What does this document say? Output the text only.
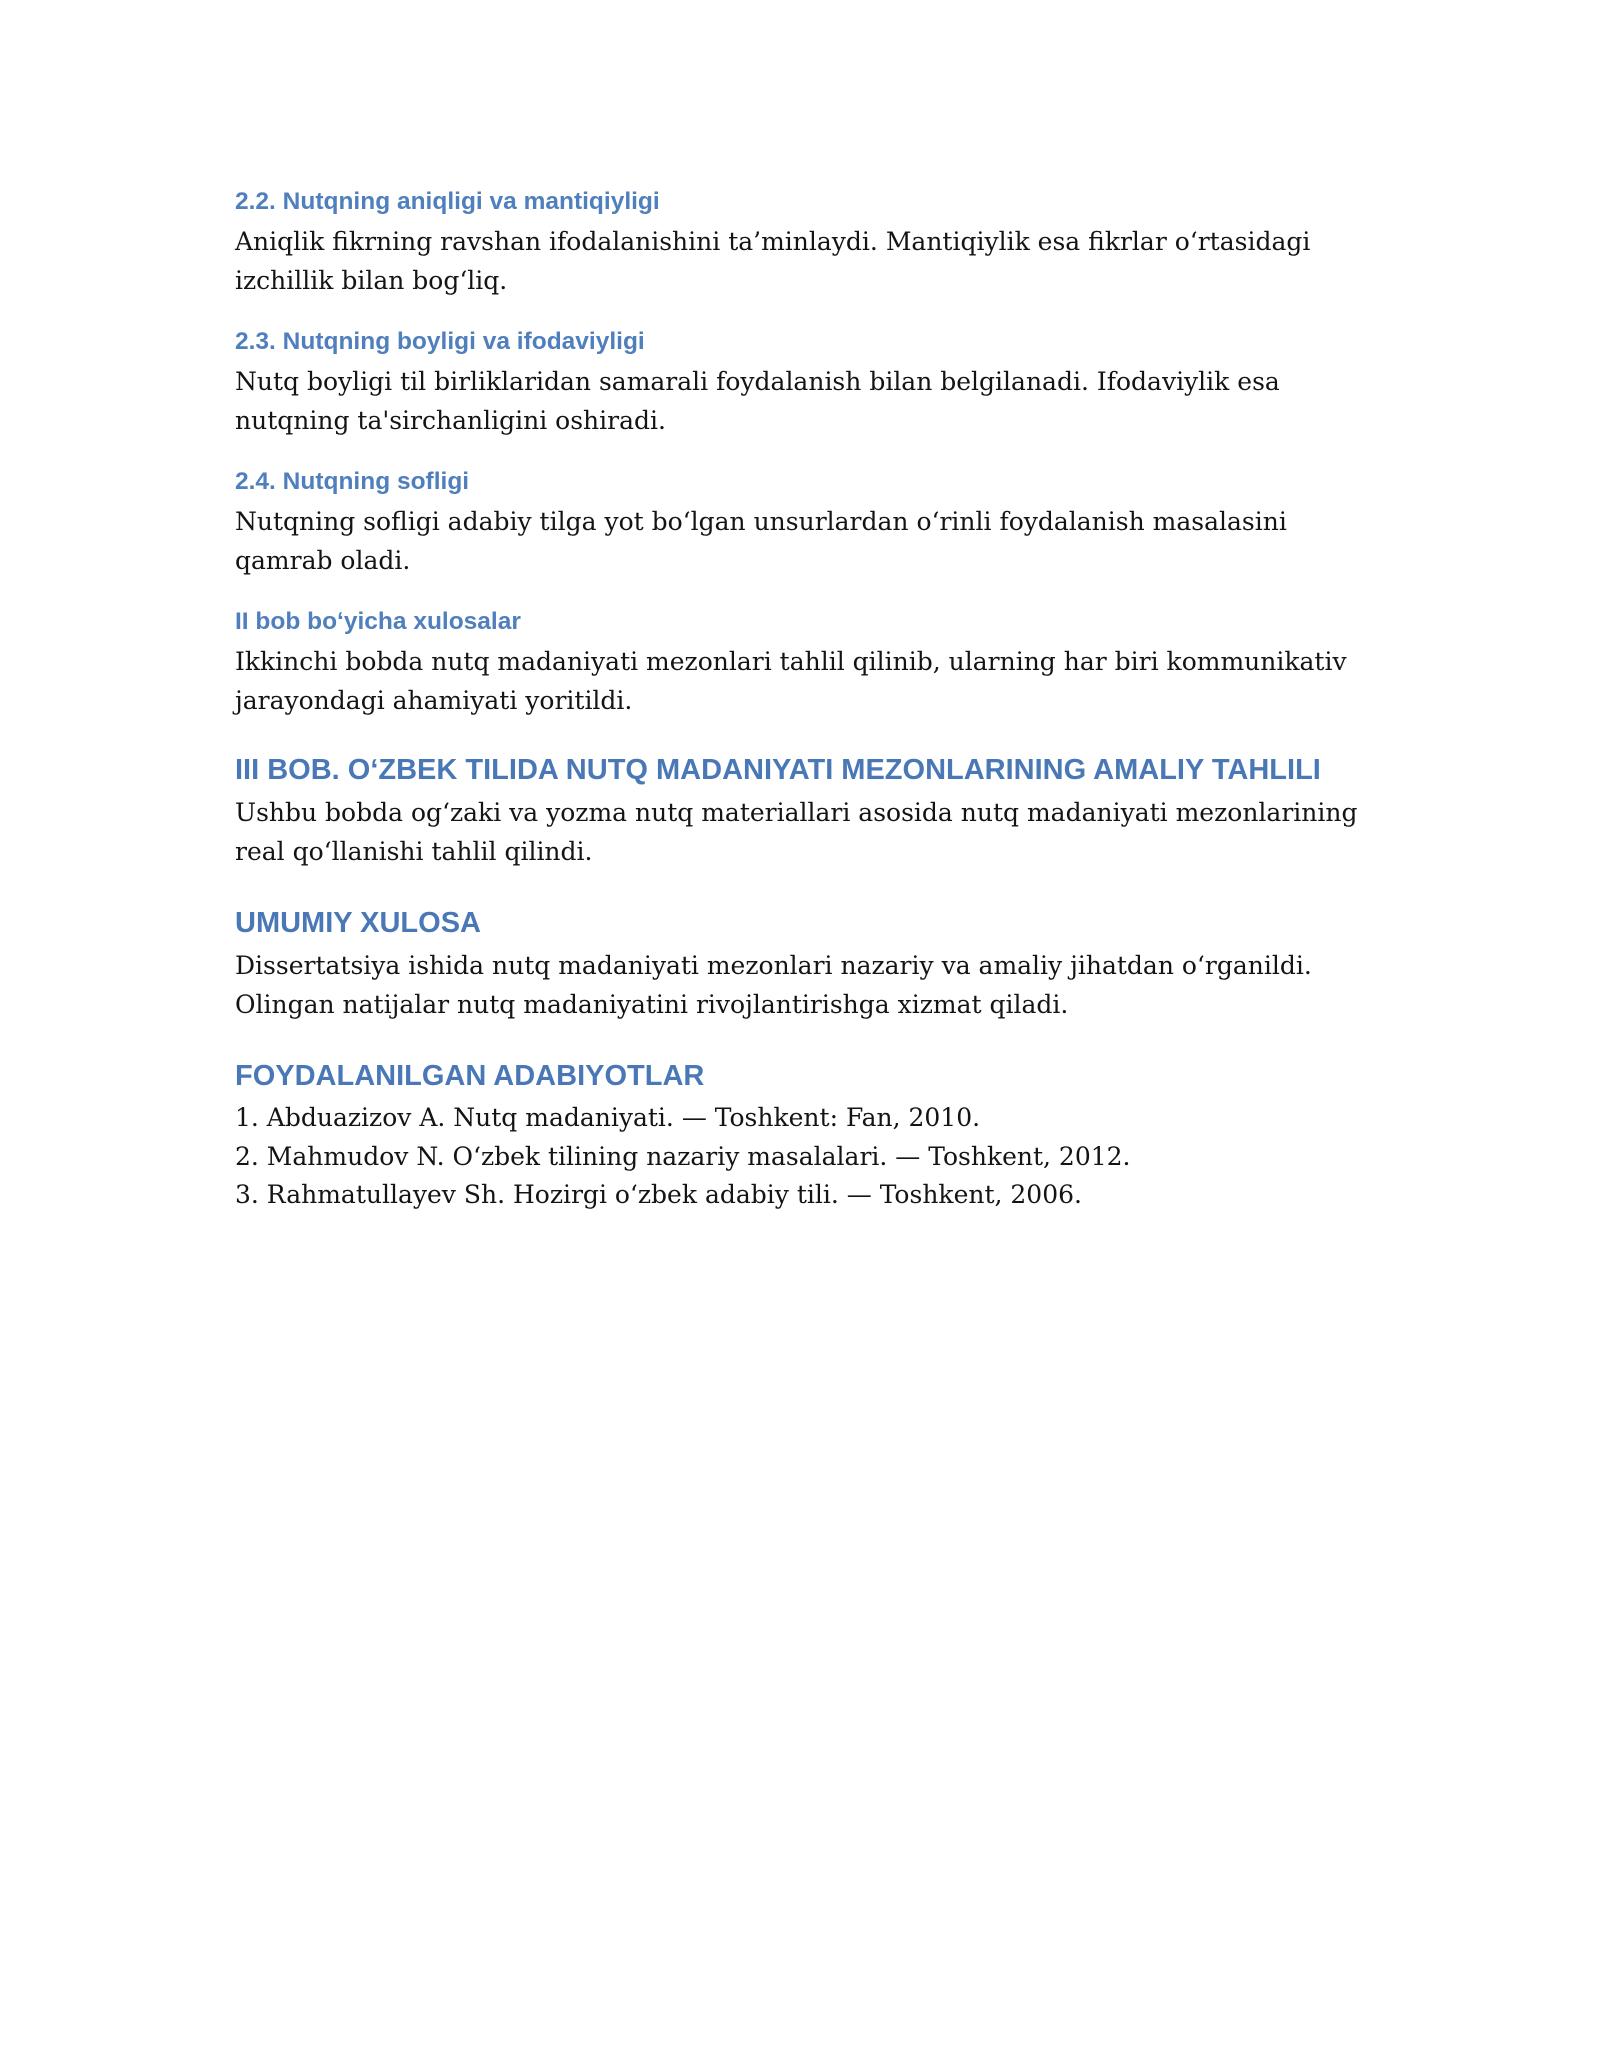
2.2. Nutqning aniqligi va mantiqiyligi

Aniqlik fikrning ravshan ifodalanishini ta’minlaydi. Mantiqiylik esa fikrlar oʻrtasidagi izchillik bilan bogʻliq.

2.3. Nutqning boyligi va ifodaviyligi

Nutq boyligi til birliklaridan samarali foydalanish bilan belgilanadi. Ifodaviylik esa nutqning ta'sirchanligini oshiradi.

2.4. Nutqning sofligi

Nutqning sofligi adabiy tilga yot boʻlgan unsurlardan oʻrinli foydalanish masalasini qamrab oladi.

II bob boʻyicha xulosalar

Ikkinchi bobda nutq madaniyati mezonlari tahlil qilinib, ularning har biri kommunikativ jarayondagi ahamiyati yoritildi.

III BOB. OʻZBEK TILIDA NUTQ MADANIYATI MEZONLARINING AMALIY TAHLILI

Ushbu bobda ogʻzaki va yozma nutq materiallari asosida nutq madaniyati mezonlarining real qoʻllanishi tahlil qilindi.

UMUMIY XULOSA

Dissertatsiya ishida nutq madaniyati mezonlari nazariy va amaliy jihatdan oʻrganildi. Olingan natijalar nutq madaniyatini rivojlantirishga xizmat qiladi.

FOYDALANILGAN ADABIYOTLAR
1. Abduazizov A. Nutq madaniyati. — Toshkent: Fan, 2010.
2. Mahmudov N. Oʻzbek tilining nazariy masalalari. — Toshkent, 2012.
3. Rahmatullayev Sh. Hozirgi oʻzbek adabiy tili. — Toshkent, 2006.
